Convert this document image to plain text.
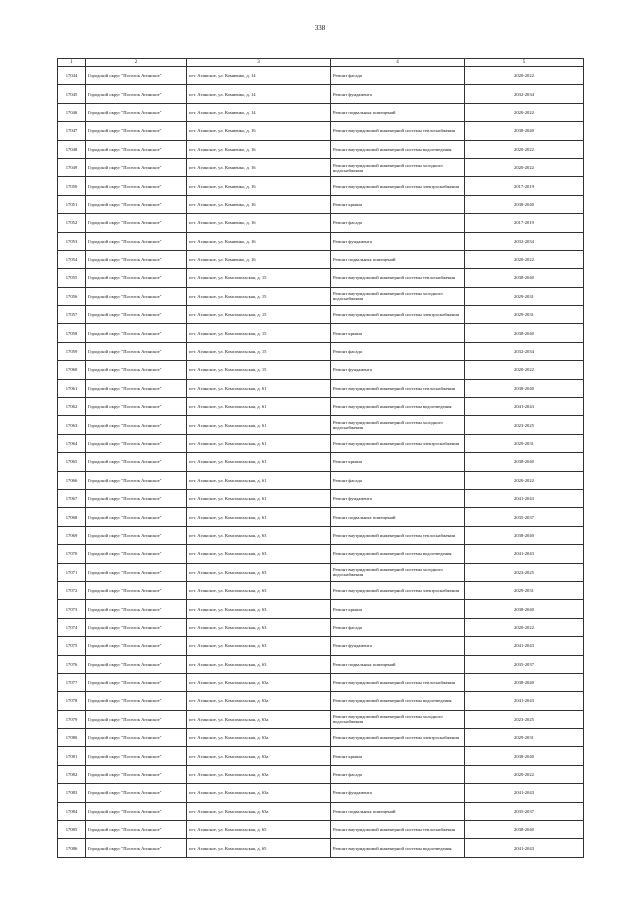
338
1	2	3	4	5
17044	Городской округ "Поселок Агинское"	пгт. Агинское, ул. Комиенко, д. 14	Ремонт фасада	2020-2022
17045	Городской округ "Поселок Агинское"	пгт. Агинское, ул. Комиенко, д. 14	Ремонт фундамента	2032-2034
17046	Городской округ "Поселок Агинское"	пгт. Агинское, ул. Комиенко, д. 14	Ремонт подвальных помещений	2020-2022
17047	Городской округ "Поселок Агинское"	пгт. Агинское, ул. Комиенко, д. 16	Ремонт внутридомовой инженерной системы теплоснабжения	2038-2040
17048	Городской округ "Поселок Агинское"	пгт. Агинское, ул. Комиенко, д. 16	Ремонт внутридомовой инженерной системы водоотведения	2020-2022
17049	Городской округ "Поселок Агинское"	пгт. Агинское, ул. Комиенко, д. 16	Ремонт внутридомовой инженерной системы холодного водоснабжения	2020-2022
17050	Городской округ "Поселок Агинское"	пгт. Агинское, ул. Комиенко, д. 16	Ремонт внутридомовой инженерной системы электроснабжения	2017-2019
17051	Городской округ "Поселок Агинское"	пгт. Агинское, ул. Комиенко, д. 16	Ремонт крыши	2038-2040
17052	Городской округ "Поселок Агинское"	пгт. Агинское, ул. Комиенко, д. 16	Ремонт фасада	2017-2019
17053	Городской округ "Поселок Агинское"	пгт. Агинское, ул. Комиенко, д. 16	Ремонт фундамента	2032-2034
17054	Городской округ "Поселок Агинское"	пгт. Агинское, ул. Комиенко, д. 16	Ремонт подвальных помещений	2020-2022
17055	Городской округ "Поселок Агинское"	пгт. Агинское, ул. Комсомольская, д. 15	Ремонт внутридомовой инженерной системы теплоснабжения	2038-2040
17056	Городской округ "Поселок Агинское"	пгт. Агинское, ул. Комсомольская, д. 15	Ремонт внутридомовой инженерной системы холодного водоснабжения	2029-2031
17057	Городской округ "Поселок Агинское"	пгт. Агинское, ул. Комсомольская, д. 15	Ремонт внутридомовой инженерной системы электроснабжения	2029-2031
17058	Городской округ "Поселок Агинское"	пгт. Агинское, ул. Комсомольская, д. 15	Ремонт крыши	2038-2040
17059	Городской округ "Поселок Агинское"	пгт. Агинское, ул. Комсомольская, д. 15	Ремонт фасада	2032-2034
17060	Городской округ "Поселок Агинское"	пгт. Агинское, ул. Комсомольская, д. 15	Ремонт фундамента	2020-2022
17061	Городской округ "Поселок Агинское"	пгт. Агинское, ул. Комсомольская, д. 61	Ремонт внутридомовой инженерной системы теплоснабжения	2038-2040
17062	Городской округ "Поселок Агинское"	пгт. Агинское, ул. Комсомольская, д. 61	Ремонт внутридомовой инженерной системы водоотведения	2041-2043
17063	Городской округ "Поселок Агинское"	пгт. Агинское, ул. Комсомольская, д. 61	Ремонт внутридомовой инженерной системы холодного водоснабжения	2023-2025
17064	Городской округ "Поселок Агинское"	пгт. Агинское, ул. Комсомольская, д. 61	Ремонт внутридомовой инженерной системы электроснабжения	2029-2031
17065	Городской округ "Поселок Агинское"	пгт. Агинское, ул. Комсомольская, д. 61	Ремонт крыши	2038-2040
17066	Городской округ "Поселок Агинское"	пгт. Агинское, ул. Комсомольская, д. 61	Ремонт фасада	2020-2022
17067	Городской округ "Поселок Агинское"	пгт. Агинское, ул. Комсомольская, д. 61	Ремонт фундамента	2041-2043
17068	Городской округ "Поселок Агинское"	пгт. Агинское, ул. Комсомольская, д. 61	Ремонт подвальных помещений	2035-2037
17069	Городской округ "Поселок Агинское"	пгт. Агинское, ул. Комсомольская, д. 63	Ремонт внутридомовой инженерной системы теплоснабжения	2038-2040
17070	Городской округ "Поселок Агинское"	пгт. Агинское, ул. Комсомольская, д. 63	Ремонт внутридомовой инженерной системы водоотведения	2041-2043
17071	Городской округ "Поселок Агинское"	пгт. Агинское, ул. Комсомольская, д. 63	Ремонт внутридомовой инженерной системы холодного водоснабжения	2023-2025
17072	Городской округ "Поселок Агинское"	пгт. Агинское, ул. Комсомольская, д. 63	Ремонт внутридомовой инженерной системы электроснабжения	2029-2031
17073	Городской округ "Поселок Агинское"	пгт. Агинское, ул. Комсомольская, д. 63	Ремонт крыши	2038-2040
17074	Городской округ "Поселок Агинское"	пгт. Агинское, ул. Комсомольская, д. 63	Ремонт фасада	2020-2022
17075	Городской округ "Поселок Агинское"	пгт. Агинское, ул. Комсомольская, д. 63	Ремонт фундамента	2041-2043
17076	Городской округ "Поселок Агинское"	пгт. Агинское, ул. Комсомольская, д. 63	Ремонт подвальных помещений	2035-2037
17077	Городской округ "Поселок Агинское"	пгт. Агинское, ул. Комсомольская, д. 63а	Ремонт внутридомовой инженерной системы теплоснабжения	2038-2040
17078	Городской округ "Поселок Агинское"	пгт. Агинское, ул. Комсомольская, д. 63а	Ремонт внутридомовой инженерной системы водоотведения	2041-2043
17079	Городской округ "Поселок Агинское"	пгт. Агинское, ул. Комсомольская, д. 63а	Ремонт внутридомовой инженерной системы холодного водоснабжения	2023-2025
17080	Городской округ "Поселок Агинское"	пгт. Агинское, ул. Комсомольская, д. 63а	Ремонт внутридомовой инженерной системы электроснабжения	2029-2031
17081	Городской округ "Поселок Агинское"	пгт. Агинское, ул. Комсомольская, д. 63а	Ремонт крыши	2038-2040
17082	Городской округ "Поселок Агинское"	пгт. Агинское, ул. Комсомольская, д. 63а	Ремонт фасада	2020-2022
17083	Городской округ "Поселок Агинское"	пгт. Агинское, ул. Комсомольская, д. 63а	Ремонт фундамента	2041-2043
17084	Городской округ "Поселок Агинское"	пгт. Агинское, ул. Комсомольская, д. 63а	Ремонт подвальных помещений	2035-2037
17085	Городской округ "Поселок Агинское"	пгт. Агинское, ул. Комсомольская, д. 65	Ремонт внутридомовой инженерной системы теплоснабжения	2038-2040
17086	Городской округ "Поселок Агинское"	пгт. Агинское, ул. Комсомольская, д. 65	Ремонт внутридомовой инженерной системы водоотведения	2041-2043
